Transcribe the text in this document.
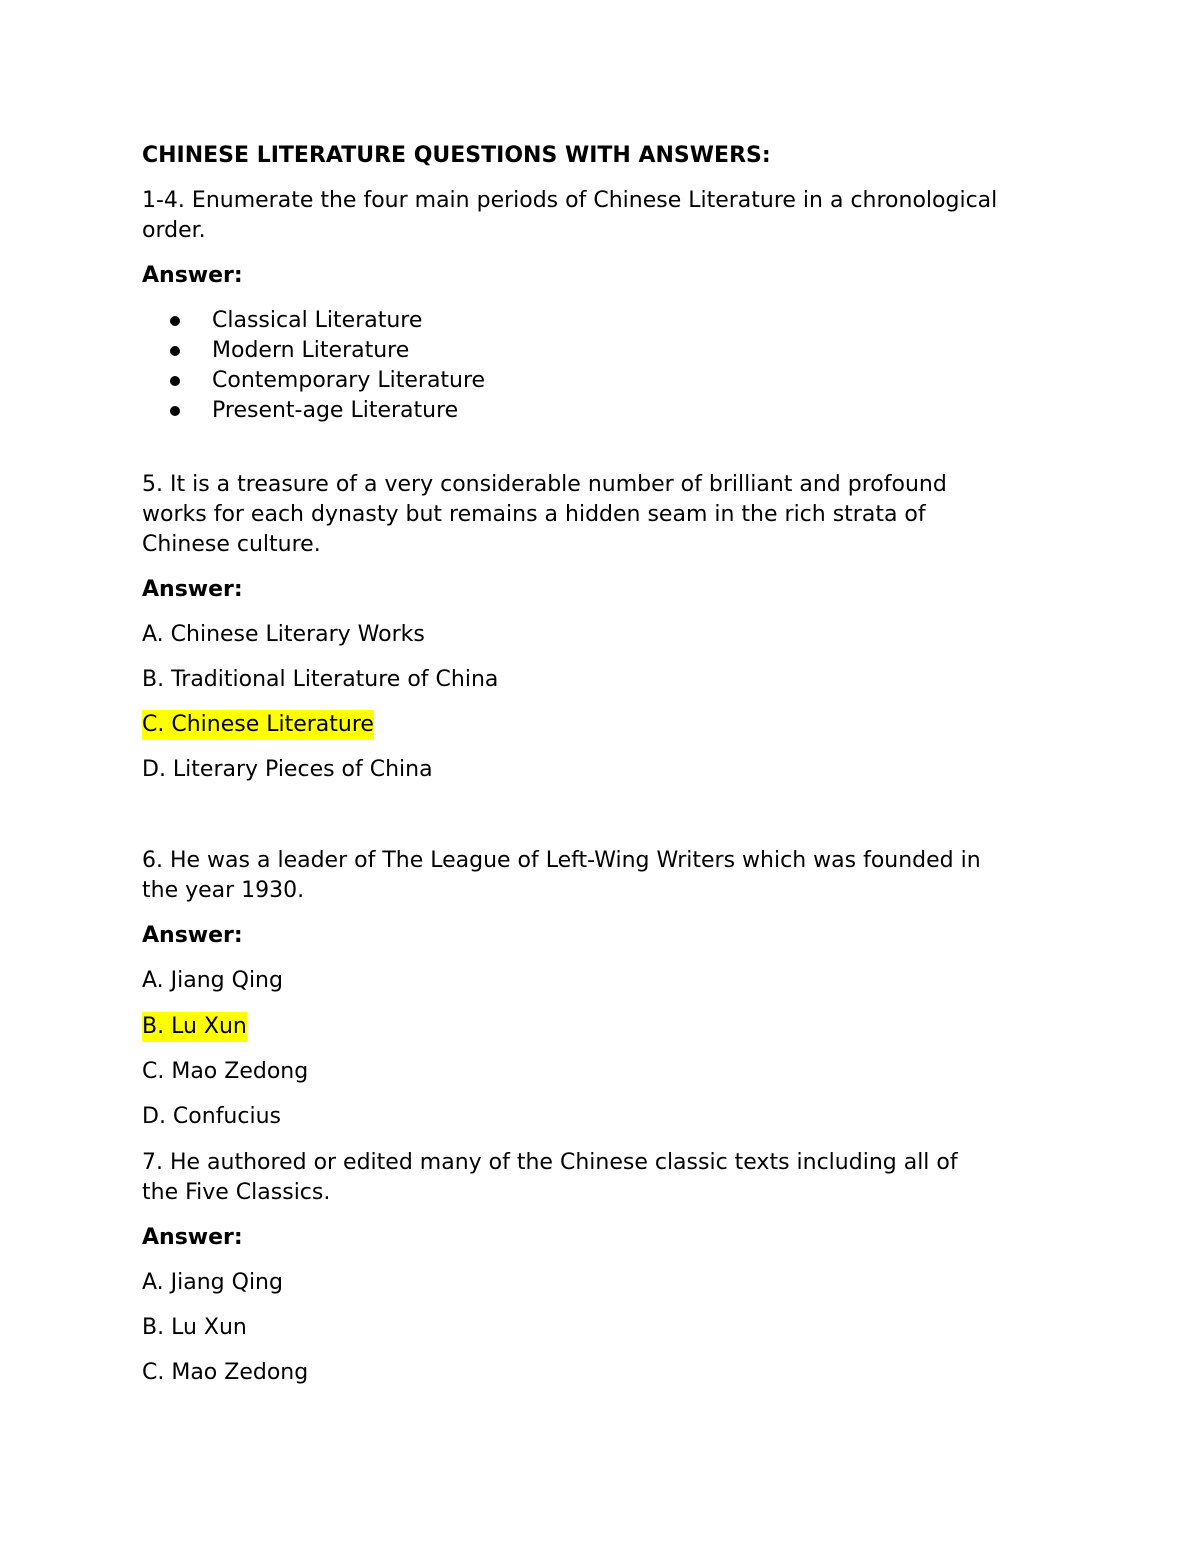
CHINESE LITERATURE QUESTIONS WITH ANSWERS:
1-4. Enumerate the four main periods of Chinese Literature in a chronological
order.
Answer:
Classical Literature
Modern Literature
Contemporary Literature
Present-age Literature
5. It is a treasure of a very considerable number of brilliant and profound
works for each dynasty but remains a hidden seam in the rich strata of
Chinese culture.
Answer:
A. Chinese Literary Works
B. Traditional Literature of China
C. Chinese Literature
D. Literary Pieces of China
6. He was a leader of The League of Left-Wing Writers which was founded in
the year 1930.
Answer:
A. Jiang Qing
B. Lu Xun
C. Mao Zedong
D. Confucius
7. He authored or edited many of the Chinese classic texts including all of
the Five Classics.
Answer:
A. Jiang Qing
B. Lu Xun
C. Mao Zedong
